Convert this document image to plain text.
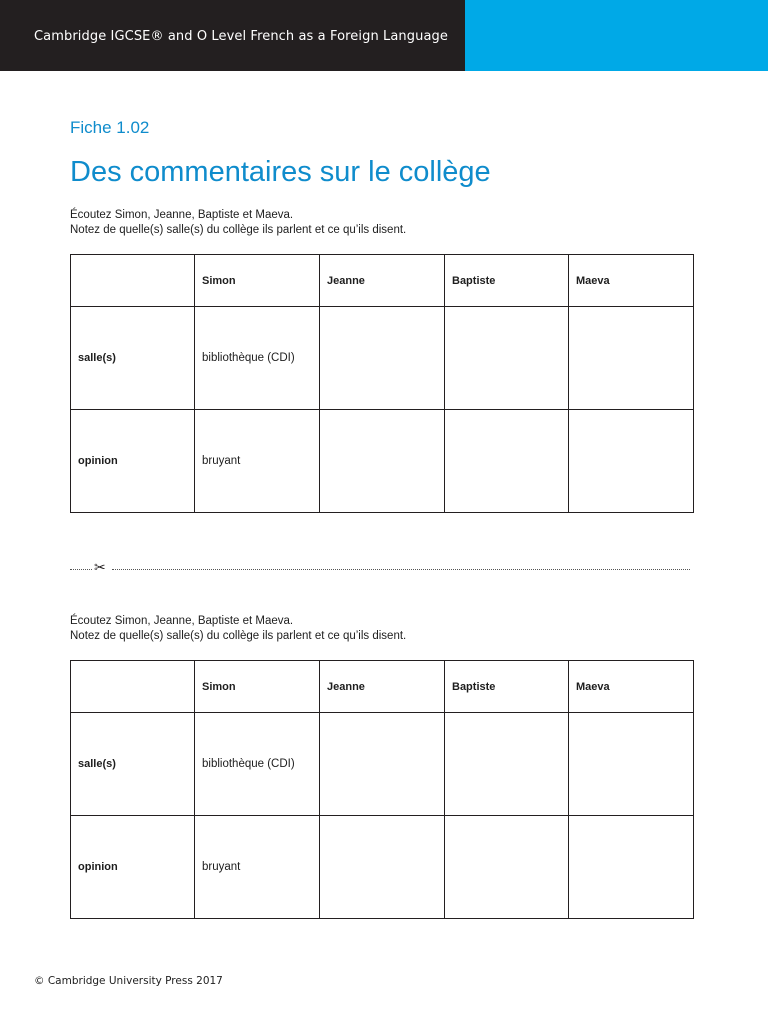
Cambridge IGCSE® and O Level French as a Foreign Language
Fiche 1.02
Des commentaires sur le collège
Écoutez Simon, Jeanne, Baptiste et Maeva.
Notez de quelle(s) salle(s) du collège ils parlent et ce qu’ils disent.
	Simon	Jeanne	Baptiste	Maeva
salle(s)	bibliothèque (CDI)			
opinion	bruyant			
✂
Écoutez Simon, Jeanne, Baptiste et Maeva.
Notez de quelle(s) salle(s) du collège ils parlent et ce qu’ils disent.
	Simon	Jeanne	Baptiste	Maeva
salle(s)	bibliothèque (CDI)			
opinion	bruyant			
© Cambridge University Press 2017
